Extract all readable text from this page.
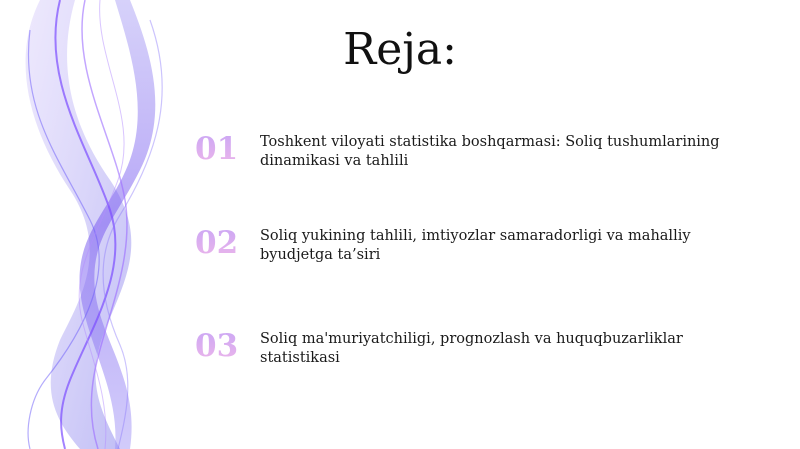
Reja:
01	Toshkent viloyati statistika boshqarmasi: Soliq tushumlarining dinamikasi va tahlili
02	Soliq yukining tahlili, imtiyozlar samaradorligi va mahalliy byudjetga ta’siri
03	Soliq ma'muriyatchiligi, prognozlash va huquqbuzarliklar statistikasi
